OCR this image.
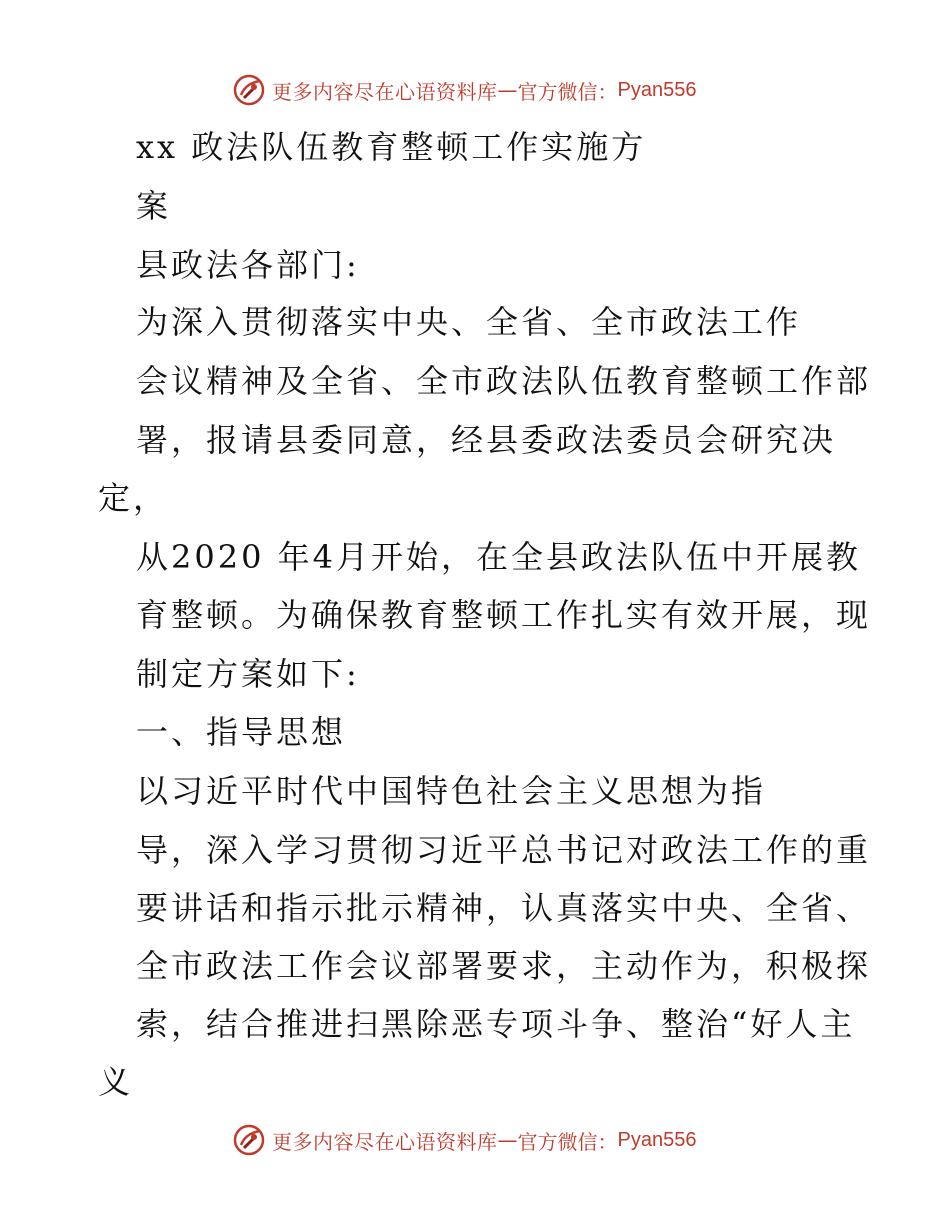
更多内容尽在心语资料库 — 官方微信： Pyan556

xx 政法队伍教育整顿工作实施方

案

县政法各部门:

为深入贯彻落实中央、全省、全市政法工作

会议精神及全省、全市政法队伍教育整顿工作部

署，报请县委同意，经县委政法委员会研究决

定，

从2020 年4月开始，在全县政法队伍中开展教

育整顿。为确保教育整顿工作扎实有效开展，现

制定方案如下:

一、指导思想

以习近平时代中国特色社会主义思想为指

导，深入学习贯彻习近平总书记对政法工作的重

要讲话和指示批示精神，认真落实中央、全省、

全市政法工作会议部署要求，主动作为，积极探

索，结合推进扫黑除恶专项斗争、整治“好人主

义

更多内容尽在心语资料库 — 官方微信： Pyan556
